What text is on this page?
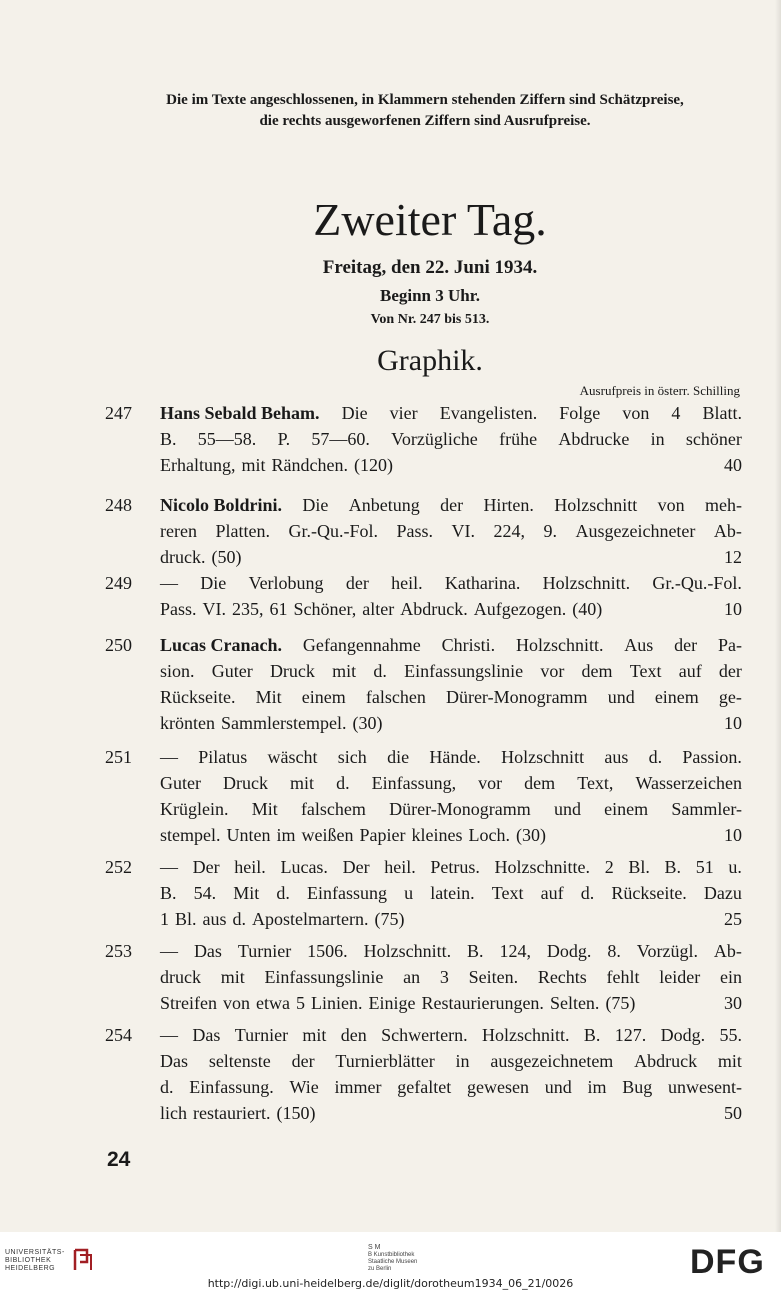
Die im Texte angeschlossenen, in Klammern stehenden Ziffern sind Schätzpreise,
die rechts ausgeworfenen Ziffern sind Ausrufpreise.
Zweiter Tag.
Freitag, den 22. Juni 1934.
Beginn 3 Uhr.
Von Nr. 247 bis 513.
Graphik.
Ausrufpreis in österr. Schilling
247 Hans Sebald Beham. Die vier Evangelisten. Folge von 4 Blatt.
B. 55—58. P. 57—60. Vorzügliche frühe Abdrucke in schöner
Erhaltung, mit Rändchen. (120)	40
248 Nicolo Boldrini. Die Anbetung der Hirten. Holzschnitt von meh-
reren Platten. Gr.-Qu.-Fol. Pass. VI. 224, 9. Ausgezeichneter Ab-
druck. (50)	12
249 — Die Verlobung der heil. Katharina. Holzschnitt. Gr.-Qu.-Fol.
Pass. VI. 235, 61 Schöner, alter Abdruck. Aufgezogen. (40)	10
250 Lucas Cranach. Gefangennahme Christi. Holzschnitt. Aus der Pa-
sion. Guter Druck mit d. Einfassungslinie vor dem Text auf der
Rückseite. Mit einem falschen Dürer-Monogramm und einem ge-
krönten Sammlerstempel. (30)	10
251 — Pilatus wäscht sich die Hände. Holzschnitt aus d. Passion.
Guter Druck mit d. Einfassung, vor dem Text, Wasserzeichen
Krüglein. Mit falschem Dürer-Monogramm und einem Sammler-
stempel. Unten im weißen Papier kleines Loch. (30)	10
252 — Der heil. Lucas. Der heil. Petrus. Holzschnitte. 2 Bl. B. 51 u.
B. 54. Mit d. Einfassung u latein. Text auf d. Rückseite. Dazu
1 Bl. aus d. Apostelmartern. (75)	25
253 — Das Turnier 1506. Holzschnitt. B. 124, Dodg. 8. Vorzügl. Ab-
druck mit Einfassungslinie an 3 Seiten. Rechts fehlt leider ein
Streifen von etwa 5 Linien. Einige Restaurierungen. Selten. (75)	30
254 — Das Turnier mit den Schwertern. Holzschnitt. B. 127. Dodg. 55.
Das seltenste der Turnierblätter in ausgezeichnetem Abdruck mit
d. Einfassung. Wie immer gefaltet gewesen und im Bug unwesent-
lich restauriert. (150)	50
24
UNIVERSITÄTS-
BIBLIOTHEK
HEIDELBERG
S M
B Kunstbibliothek
Staatliche Museen
zu Berlin	DFG
http://digi.ub.uni-heidelberg.de/diglit/dorotheum1934_06_21/0026
